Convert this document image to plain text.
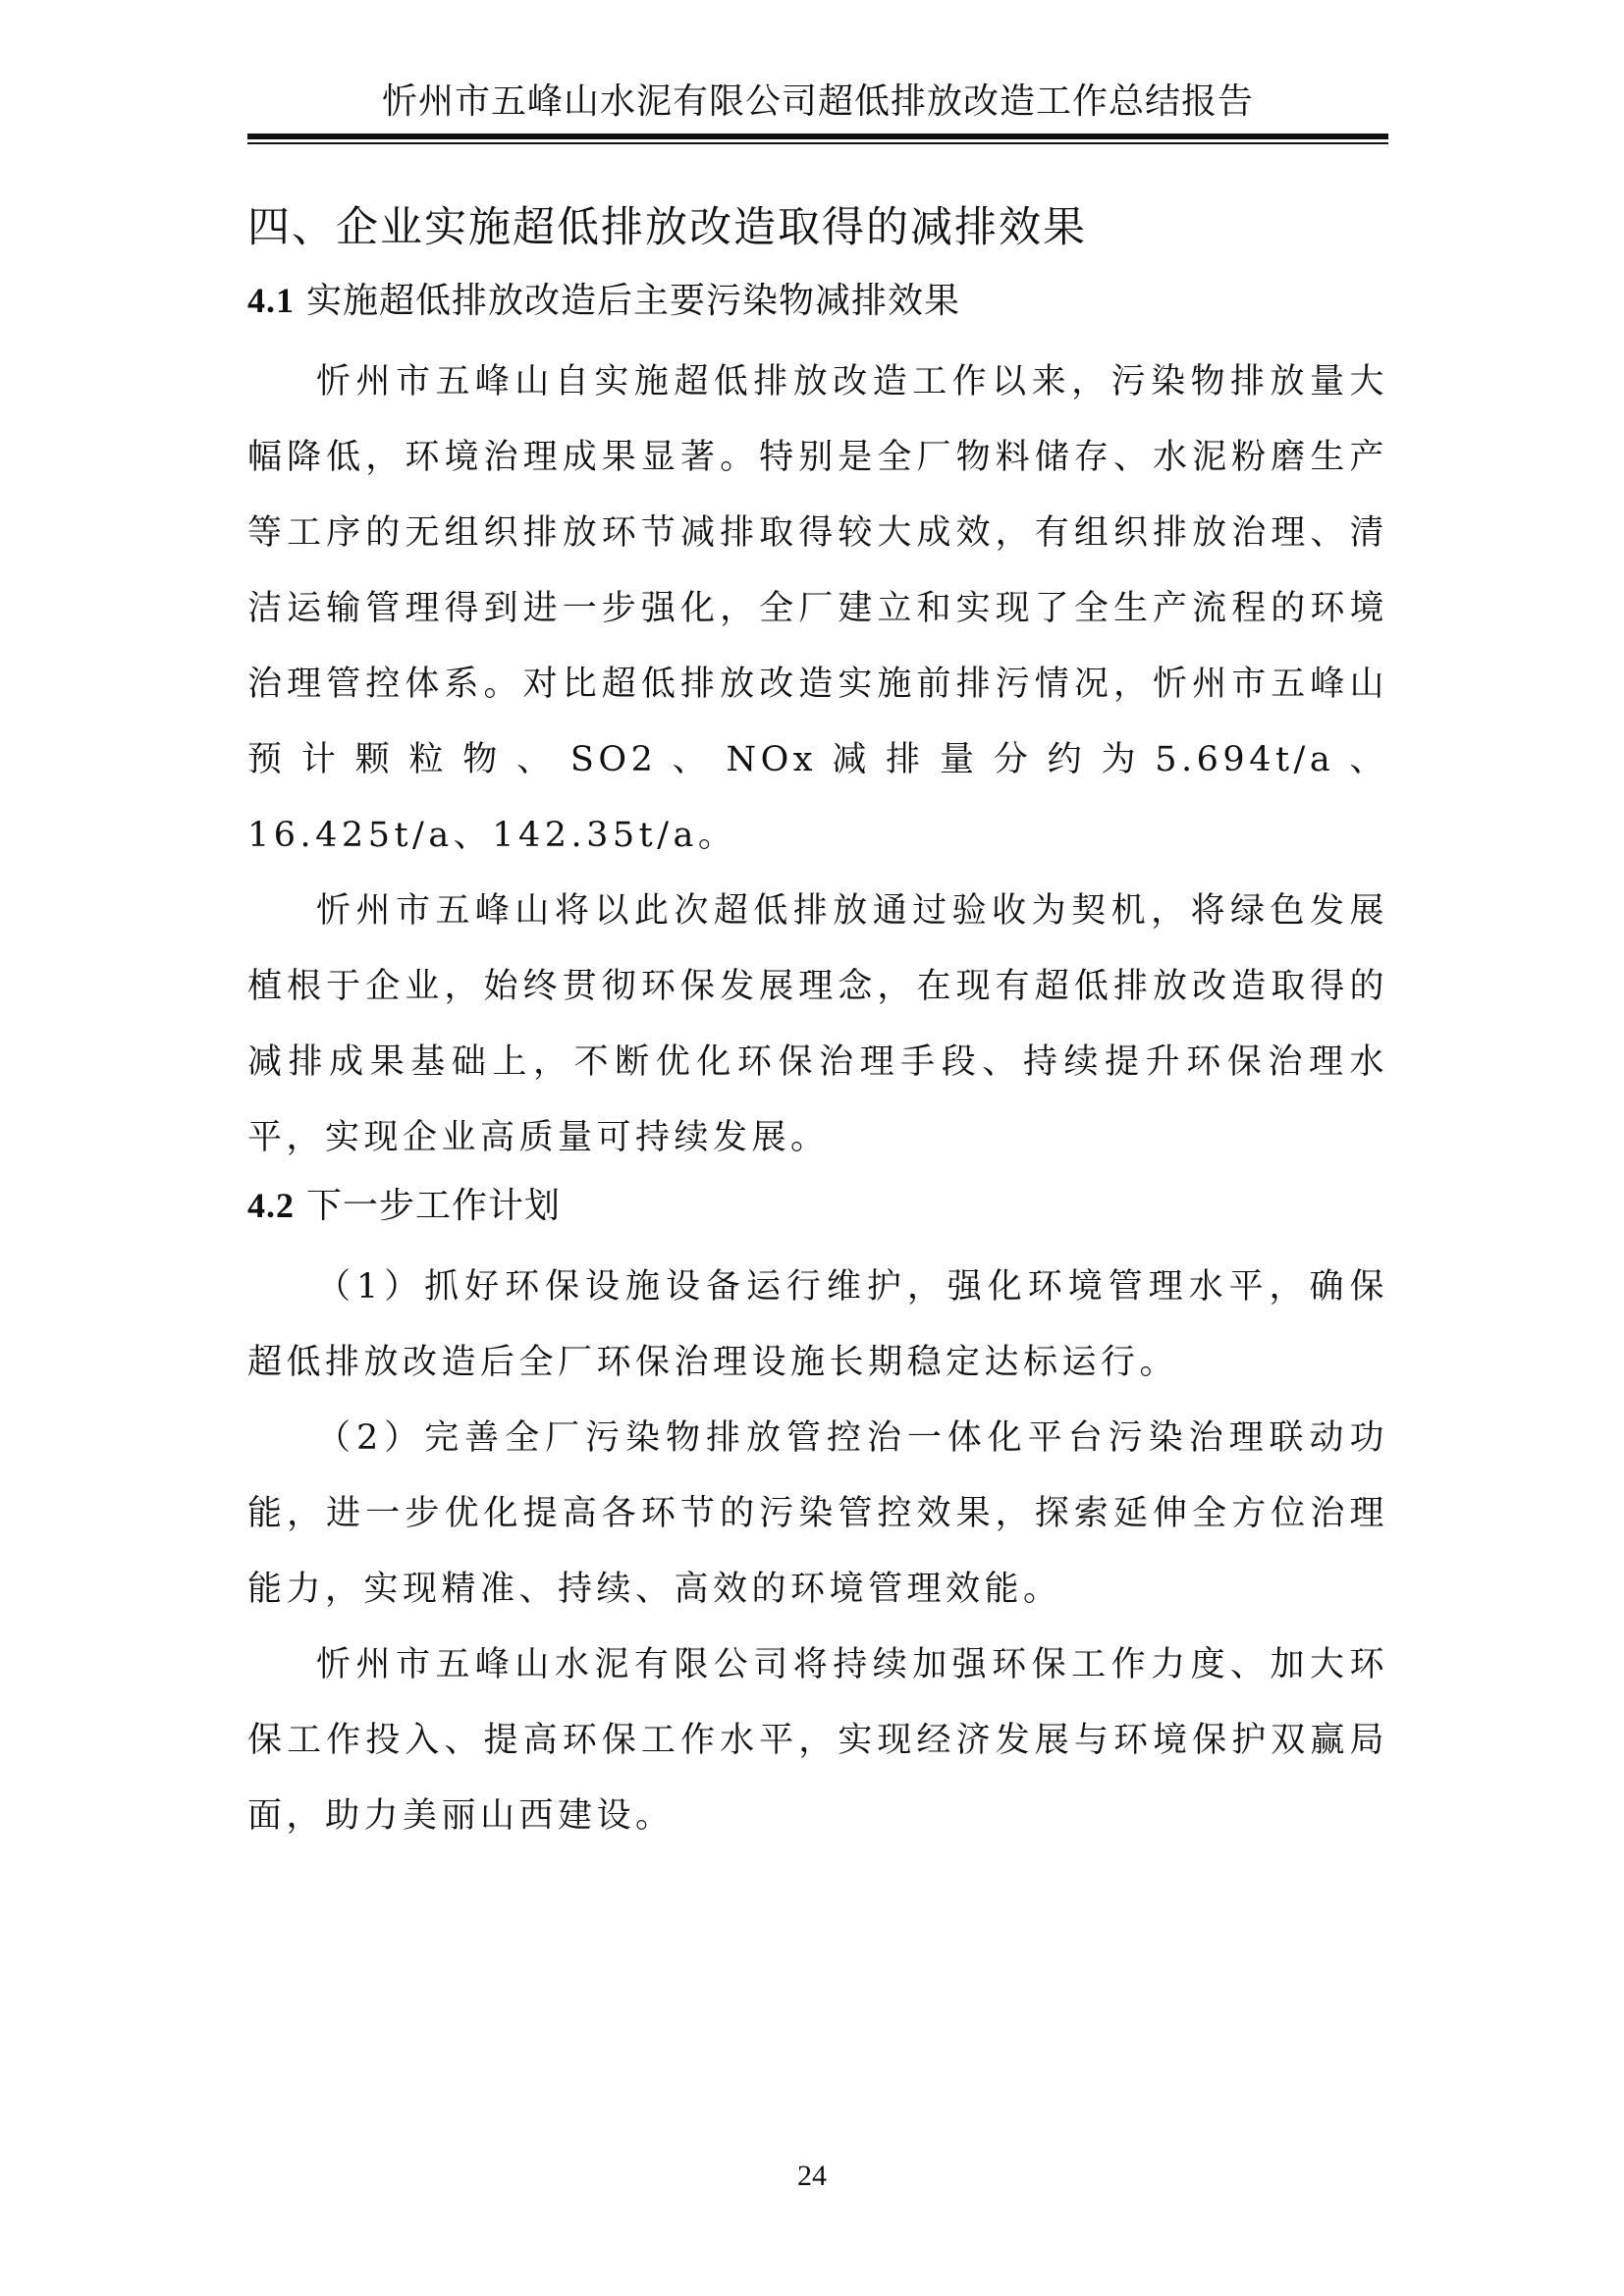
忻州市五峰山水泥有限公司超低排放改造工作总结报告
四、企业实施超低排放改造取得的减排效果
4.1 实施超低排放改造后主要污染物减排效果

忻州市五峰山自实施超低排放改造工作以来，污染物排放量大幅降低，环境治理成果显著。特别是全厂物料储存、水泥粉磨生产等工序的无组织排放环节减排取得较大成效，有组织排放治理、清洁运输管理得到进一步强化，全厂建立和实现了全生产流程的环境治理管控体系。对比超低排放改造实施前排污情况，忻州市五峰山预计颗粒物、SO2、NOx减排量分约为5.694t/a、16.425t/a、142.35t/a。

忻州市五峰山将以此次超低排放通过验收为契机，将绿色发展植根于企业，始终贯彻环保发展理念，在现有超低排放改造取得的减排成果基础上，不断优化环保治理手段、持续提升环保治理水平，实现企业高质量可持续发展。

4.2 下一步工作计划

（1）抓好环保设施设备运行维护，强化环境管理水平，确保超低排放改造后全厂环保治理设施长期稳定达标运行。

（2）完善全厂污染物排放管控治一体化平台污染治理联动功能，进一步优化提高各环节的污染管控效果，探索延伸全方位治理能力，实现精准、持续、高效的环境管理效能。

忻州市五峰山水泥有限公司将持续加强环保工作力度、加大环保工作投入、提高环保工作水平，实现经济发展与环境保护双赢局面，助力美丽山西建设。

24
